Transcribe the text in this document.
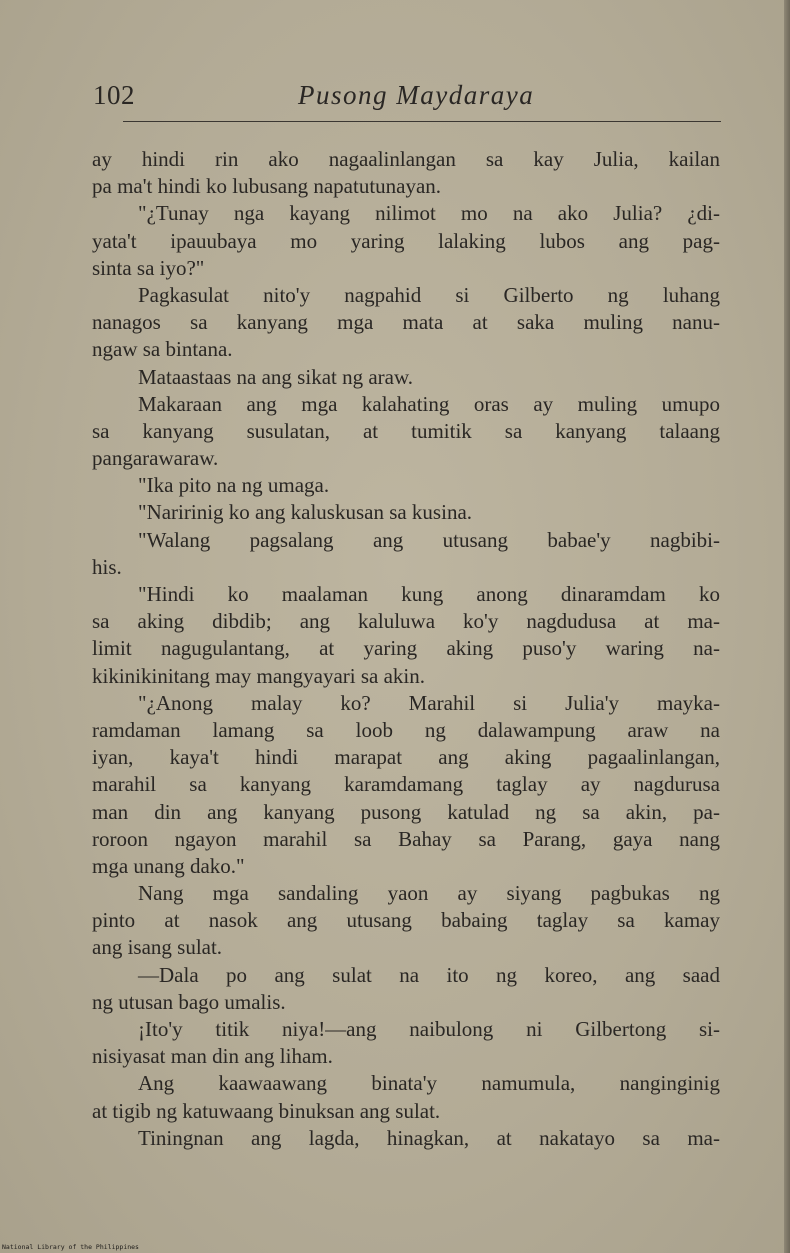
102	Pusong Maydaraya
ay hindi rin ako nagaalinlangan sa kay Julia, kailan
pa ma't hindi ko lubusang napatutunayan.
"¿Tunay nga kayang nilimot mo na ako Julia? ¿di-
yata't ipauubaya mo yaring lalaking lubos ang pag-
sinta sa iyo?"
Pagkasulat nito'y nagpahid si Gilberto ng luhang
nanagos sa kanyang mga mata at saka muling nanu-
ngaw sa bintana.
Mataastaas na ang sikat ng araw.
Makaraan ang mga kalahating oras ay muling umupo
sa kanyang susulatan, at tumitik sa kanyang talaang
pangarawaraw.
"Ika pito na ng umaga.
"Naririnig ko ang kaluskusan sa kusina.
"Walang pagsalang ang utusang babae'y nagbibi-
his.
"Hindi ko maalaman kung anong dinaramdam ko
sa aking dibdib; ang kaluluwa ko'y nagdudusa at ma-
limit nagugulantang, at yaring aking puso'y waring na-
kikinikinitang may mangyayari sa akin.
"¿Anong malay ko? Marahil si Julia'y mayka-
ramdaman lamang sa loob ng dalawampung araw na
iyan, kaya't hindi marapat ang aking pagaalinlangan,
marahil sa kanyang karamdamang taglay ay nagdurusa
man din ang kanyang pusong katulad ng sa akin, pa-
roroon ngayon marahil sa Bahay sa Parang, gaya nang
mga unang dako."
Nang mga sandaling yaon ay siyang pagbukas ng
pinto at nasok ang utusang babaing taglay sa kamay
ang isang sulat.
—Dala po ang sulat na ito ng koreo, ang saad
ng utusan bago umalis.
¡Ito'y titik niya!—ang naibulong ni Gilbertong si-
nisiyasat man din ang liham.
Ang kaawaawang binata'y namumula, nanginginig
at tigib ng katuwaang binuksan ang sulat.
Tiningnan ang lagda, hinagkan, at nakatayo sa ma-
National Library of the Philippines
